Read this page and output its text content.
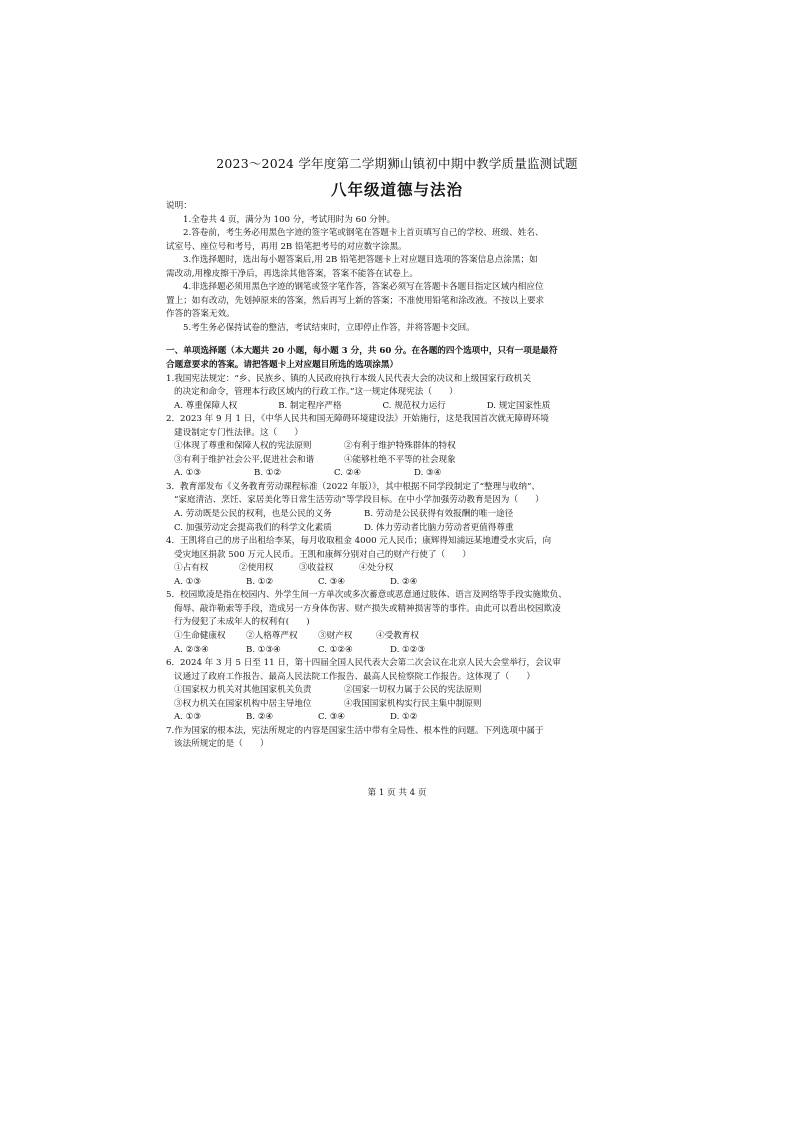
2023～2024 学年度第二学期狮山镇初中期中教学质量监测试题
八年级道德与法治
说明：
1.全卷共 4 页，满分为 100 分，考试用时为 60 分钟。
2.答卷前，考生务必用黑色字迹的签字笔或钢笔在答题卡上首页填写自己的学校、班级、姓名、
试室号、座位号和考号，再用 2B 铅笔把考号的对应数字涂黑。
3.作选择题时，选出每小题答案后,用 2B 铅笔把答题卡上对应题目选项的答案信息点涂黑；如
需改动,用橡皮擦干净后，再选涂其他答案，答案不能答在试卷上。
4.非选择题必须用黑色字迹的钢笔或签字笔作答，答案必须写在答题卡各题目指定区域内相应位
置上；如有改动，先划掉原来的答案，然后再写上新的答案；不准使用铅笔和涂改液。不按以上要求
作答的答案无效。
5.考生务必保持试卷的整洁，考试结束时，立即停止作答，并将答题卡交回。
一、单项选择题（本大题共 20 小题，每小题 3 分，共 60 分。在各题的四个选项中，只有一项是最符
合题意要求的答案。请把答题卡上对应题目所选的选项涂黑）
1.我国宪法规定：“乡、民族乡、镇的人民政府执行本级人民代表大会的决议和上级国家行政机关
的决定和命令，管理本行政区域内的行政工作。”这一规定体现宪法（　　）
A. 尊重保障人权	B. 制定程序严格	C. 规范权力运行	D. 规定国家性质
2．2023 年 9 月 1 日，《中华人民共和国无障碍环境建设法》开始施行，这是我国首次就无障碍环境
建设制定专门性法律。这（　　）
①体现了尊重和保障人权的宪法原则	②有利于维护特殊群体的特权
③有利于维护社会公平,促进社会和谐	④能够杜绝不平等的社会现象
A. ①③	B. ①②	C. ②④	D. ③④
3．教育部发布《义务教育劳动课程标准（2022 年版）》，其中根据不同学段制定了“整理与收纳”、
“家庭清洁、烹饪、家居美化等日常生活劳动”等学段目标。在中小学加强劳动教育是因为（　　）
A. 劳动既是公民的权利，也是公民的义务	B. 劳动是公民获得有效报酬的唯一途径
C. 加强劳动定会提高我们的科学文化素质	D. 体力劳动者比脑力劳动者更值得尊重
4．王凯将自己的房子出租给李某，每月收取租金 4000 元人民币；康辉得知浦远某地遭受水灾后，向
受灾地区捐款 500 万元人民币。王凯和康辉分别对自己的财产行使了（　　）
①占有权	②使用权	③收益权	④处分权
A. ①③	B. ①②	C. ③④	D. ②④
5．校园欺凌是指在校园内、外学生间一方单次或多次蓄意或恶意通过肢体、语言及网络等手段实施欺负、
侮辱、敲诈勒索等手段，造成另一方身体伤害、财产损失或精神损害等的事件。由此可以看出校园欺凌
行为侵犯了未成年人的权利有(　　)
①生命健康权	②人格尊严权	③财产权	④受教育权
A. ②③④	B. ①③④	C. ①②④	D. ①②③
6．2024 年 3 月 5 日至 11 日，第十四届全国人民代表大会第二次会议在北京人民大会堂举行，会议审
议通过了政府工作报告、最高人民法院工作报告、最高人民检察院工作报告。这体现了（　　）
①国家权力机关对其他国家机关负责	②国家一切权力属于公民的宪法原则
③权力机关在国家机构中居主导地位	④我国国家机构实行民主集中制原则
A. ①③	B. ②④	C. ③④	D. ①②
7.作为国家的根本法，宪法所规定的内容是国家生活中带有全局性、根本性的问题。下列选项中属于
该法所规定的是（　　）
第 1 页 共 4 页
